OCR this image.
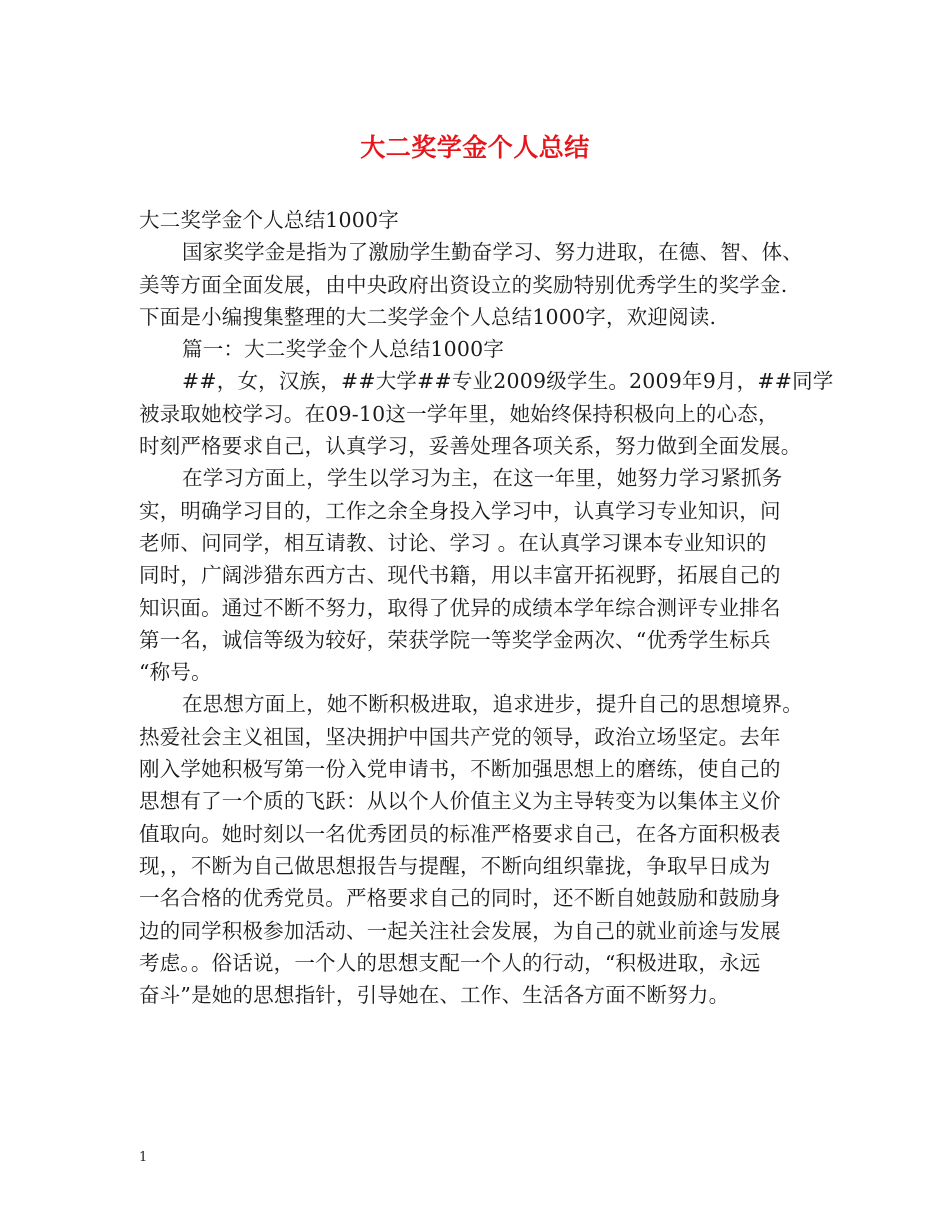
大二奖学金个人总结
大二奖学金个人总结1000字
国家奖学金是指为了激励学生勤奋学习、努力进取，在德、智、体、
美等方面全面发展，由中央政府出资设立的奖励特别优秀学生的奖学金.
下面是小编搜集整理的大二奖学金个人总结1000字，欢迎阅读.
篇一：大二奖学金个人总结1000字
##，女，汉族，##大学##专业2009级学生。2009年9月，##同学
被录取她校学习。在09-10这一学年里，她始终保持积极向上的心态，
时刻严格要求自己，认真学习，妥善处理各项关系，努力做到全面发展。
在学习方面上，学生以学习为主，在这一年里，她努力学习紧抓务
实，明确学习目的，工作之余全身投入学习中，认真学习专业知识，问
老师、问同学，相互请教、讨论、学习 。在认真学习课本专业知识的
同时，广阔涉猎东西方古、现代书籍，用以丰富开拓视野，拓展自己的
知识面。通过不断不努力，取得了优异的成绩本学年综合测评专业排名
第一名，诚信等级为较好，荣获学院一等奖学金两次、“优秀学生标兵
“称号。
在思想方面上，她不断积极进取，追求进步，提升自己的思想境界。
热爱社会主义祖国，坚决拥护中国共产党的领导，政治立场坚定。去年
刚入学她积极写第一份入党申请书，不断加强思想上的磨练，使自己的
思想有了一个质的飞跃：从以个人价值主义为主导转变为以集体主义价
值取向。她时刻以一名优秀团员的标准严格要求自己，在各方面积极表
现，，不断为自己做思想报告与提醒，不断向组织靠拢，争取早日成为
一名合格的优秀党员。严格要求自己的同时，还不断自她鼓励和鼓励身
边的同学积极参加活动、一起关注社会发展，为自己的就业前途与发展
考虑。。俗话说，一个人的思想支配一个人的行动，“积极进取，永远
奋斗”是她的思想指针，引导她在、工作、生活各方面不断努力。
1
